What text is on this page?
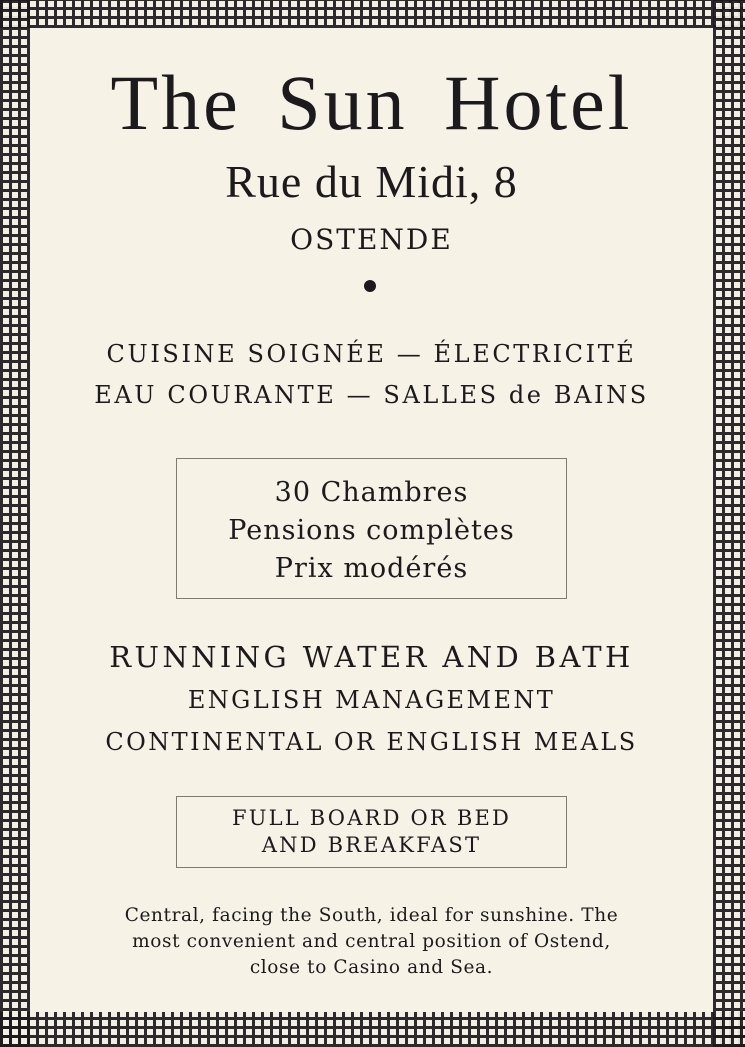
The Sun Hotel
Rue du Midi, 8
OSTENDE
CUISINE SOIGNÉE — ÉLECTRICITÉ
EAU COURANTE — SALLES de BAINS
30 Chambres
Pensions complètes
Prix modérés
RUNNING WATER AND BATH
ENGLISH MANAGEMENT
CONTINENTAL OR ENGLISH MEALS
FULL BOARD OR BED
AND BREAKFAST
Central, facing the South, ideal for sunshine. The
most convenient and central position of Ostend,
close to Casino and Sea.
